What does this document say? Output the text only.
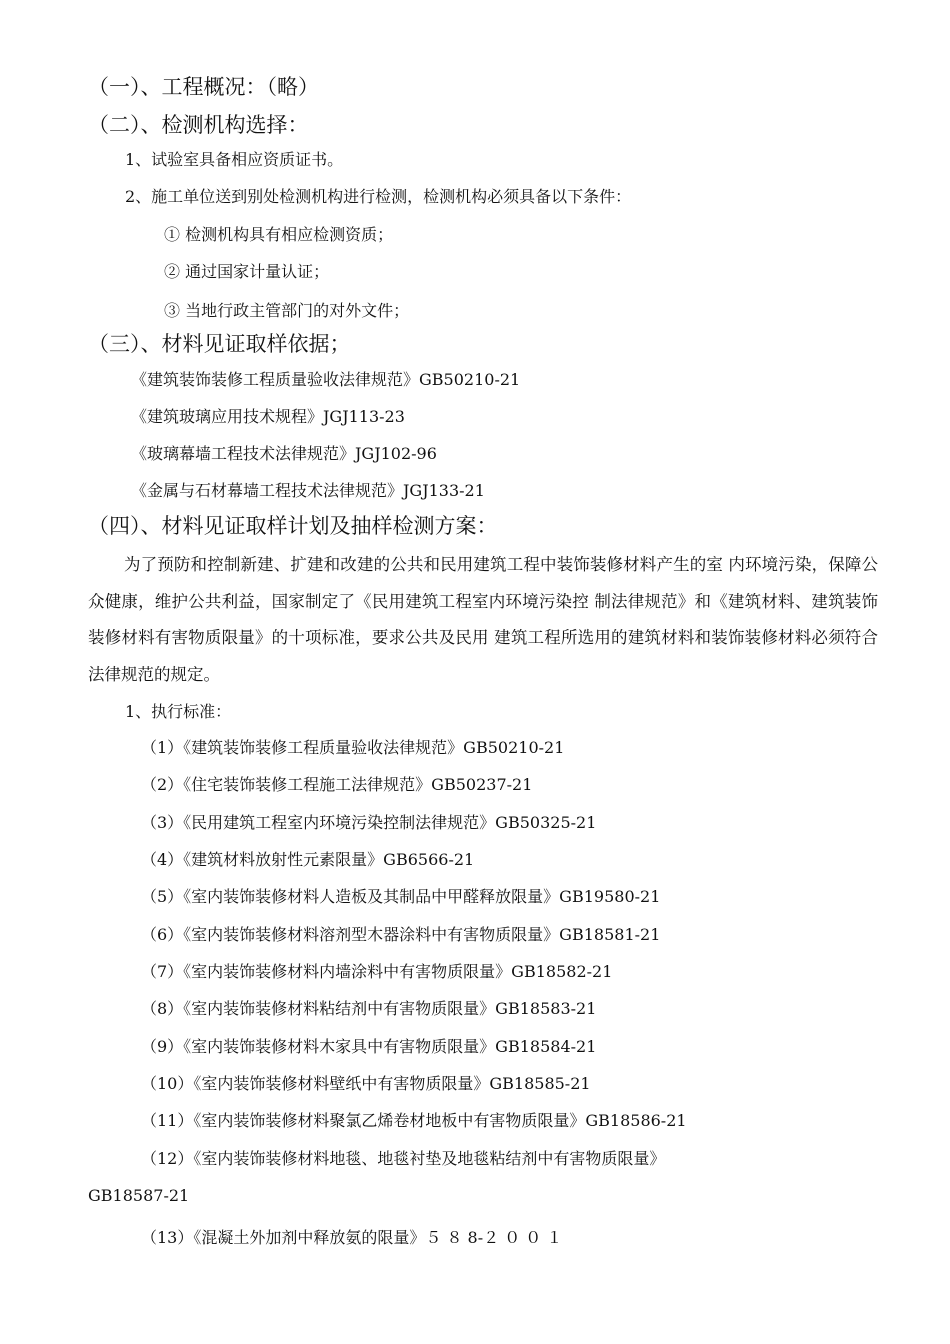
（一）、工程概况：（略）
（二）、检测机构选择：
1、试验室具备相应资质证书。
2、施工单位送到别处检测机构进行检测，检测机构必须具备以下条件：
① 检测机构具有相应检测资质；
② 通过国家计量认证；
③ 当地行政主管部门的对外文件；
（三）、材料见证取样依据；
《建筑装饰装修工程质量验收法律规范》GB50210-21
《建筑玻璃应用技术规程》JGJ113-23
《玻璃幕墙工程技术法律规范》JGJ102-96
《金属与石材幕墙工程技术法律规范》JGJ133-21
（四）、材料见证取样计划及抽样检测方案：
为了预防和控制新建、扩建和改建的公共和民用建筑工程中装饰装修材料产生的室 内环境污染，保障公众健康，维护公共利益，国家制定了《民用建筑工程室内环境污染控 制法律规范》和《建筑材料、建筑装饰装修材料有害物质限量》的十项标准，要求公共及民用 建筑工程所选用的建筑材料和装饰装修材料必须符合法律规范的规定。
1、执行标准：
（1）《建筑装饰装修工程质量验收法律规范》GB50210-21
（2）《住宅装饰装修工程施工法律规范》GB50237-21
（3）《民用建筑工程室内环境污染控制法律规范》GB50325-21
（4）《建筑材料放射性元素限量》GB6566-21
（5）《室内装饰装修材料人造板及其制品中甲醛释放限量》GB19580-21
（6）《室内装饰装修材料溶剂型木器涂料中有害物质限量》GB18581-21
（7）《室内装饰装修材料内墙涂料中有害物质限量》GB18582-21
（8）《室内装饰装修材料粘结剂中有害物质限量》GB18583-21
（9）《室内装饰装修材料木家具中有害物质限量》GB18584-21
（10）《室内装饰装修材料壁纸中有害物质限量》GB18585-21
（11）《室内装饰装修材料聚氯乙烯卷材地板中有害物质限量》GB18586-21
（12）《室内装饰装修材料地毯、地毯衬垫及地毯粘结剂中有害物质限量》
GB18587-21
（13）《混凝土外加剂中释放氨的限量》５ ８ 8-２ ０ ０ １
